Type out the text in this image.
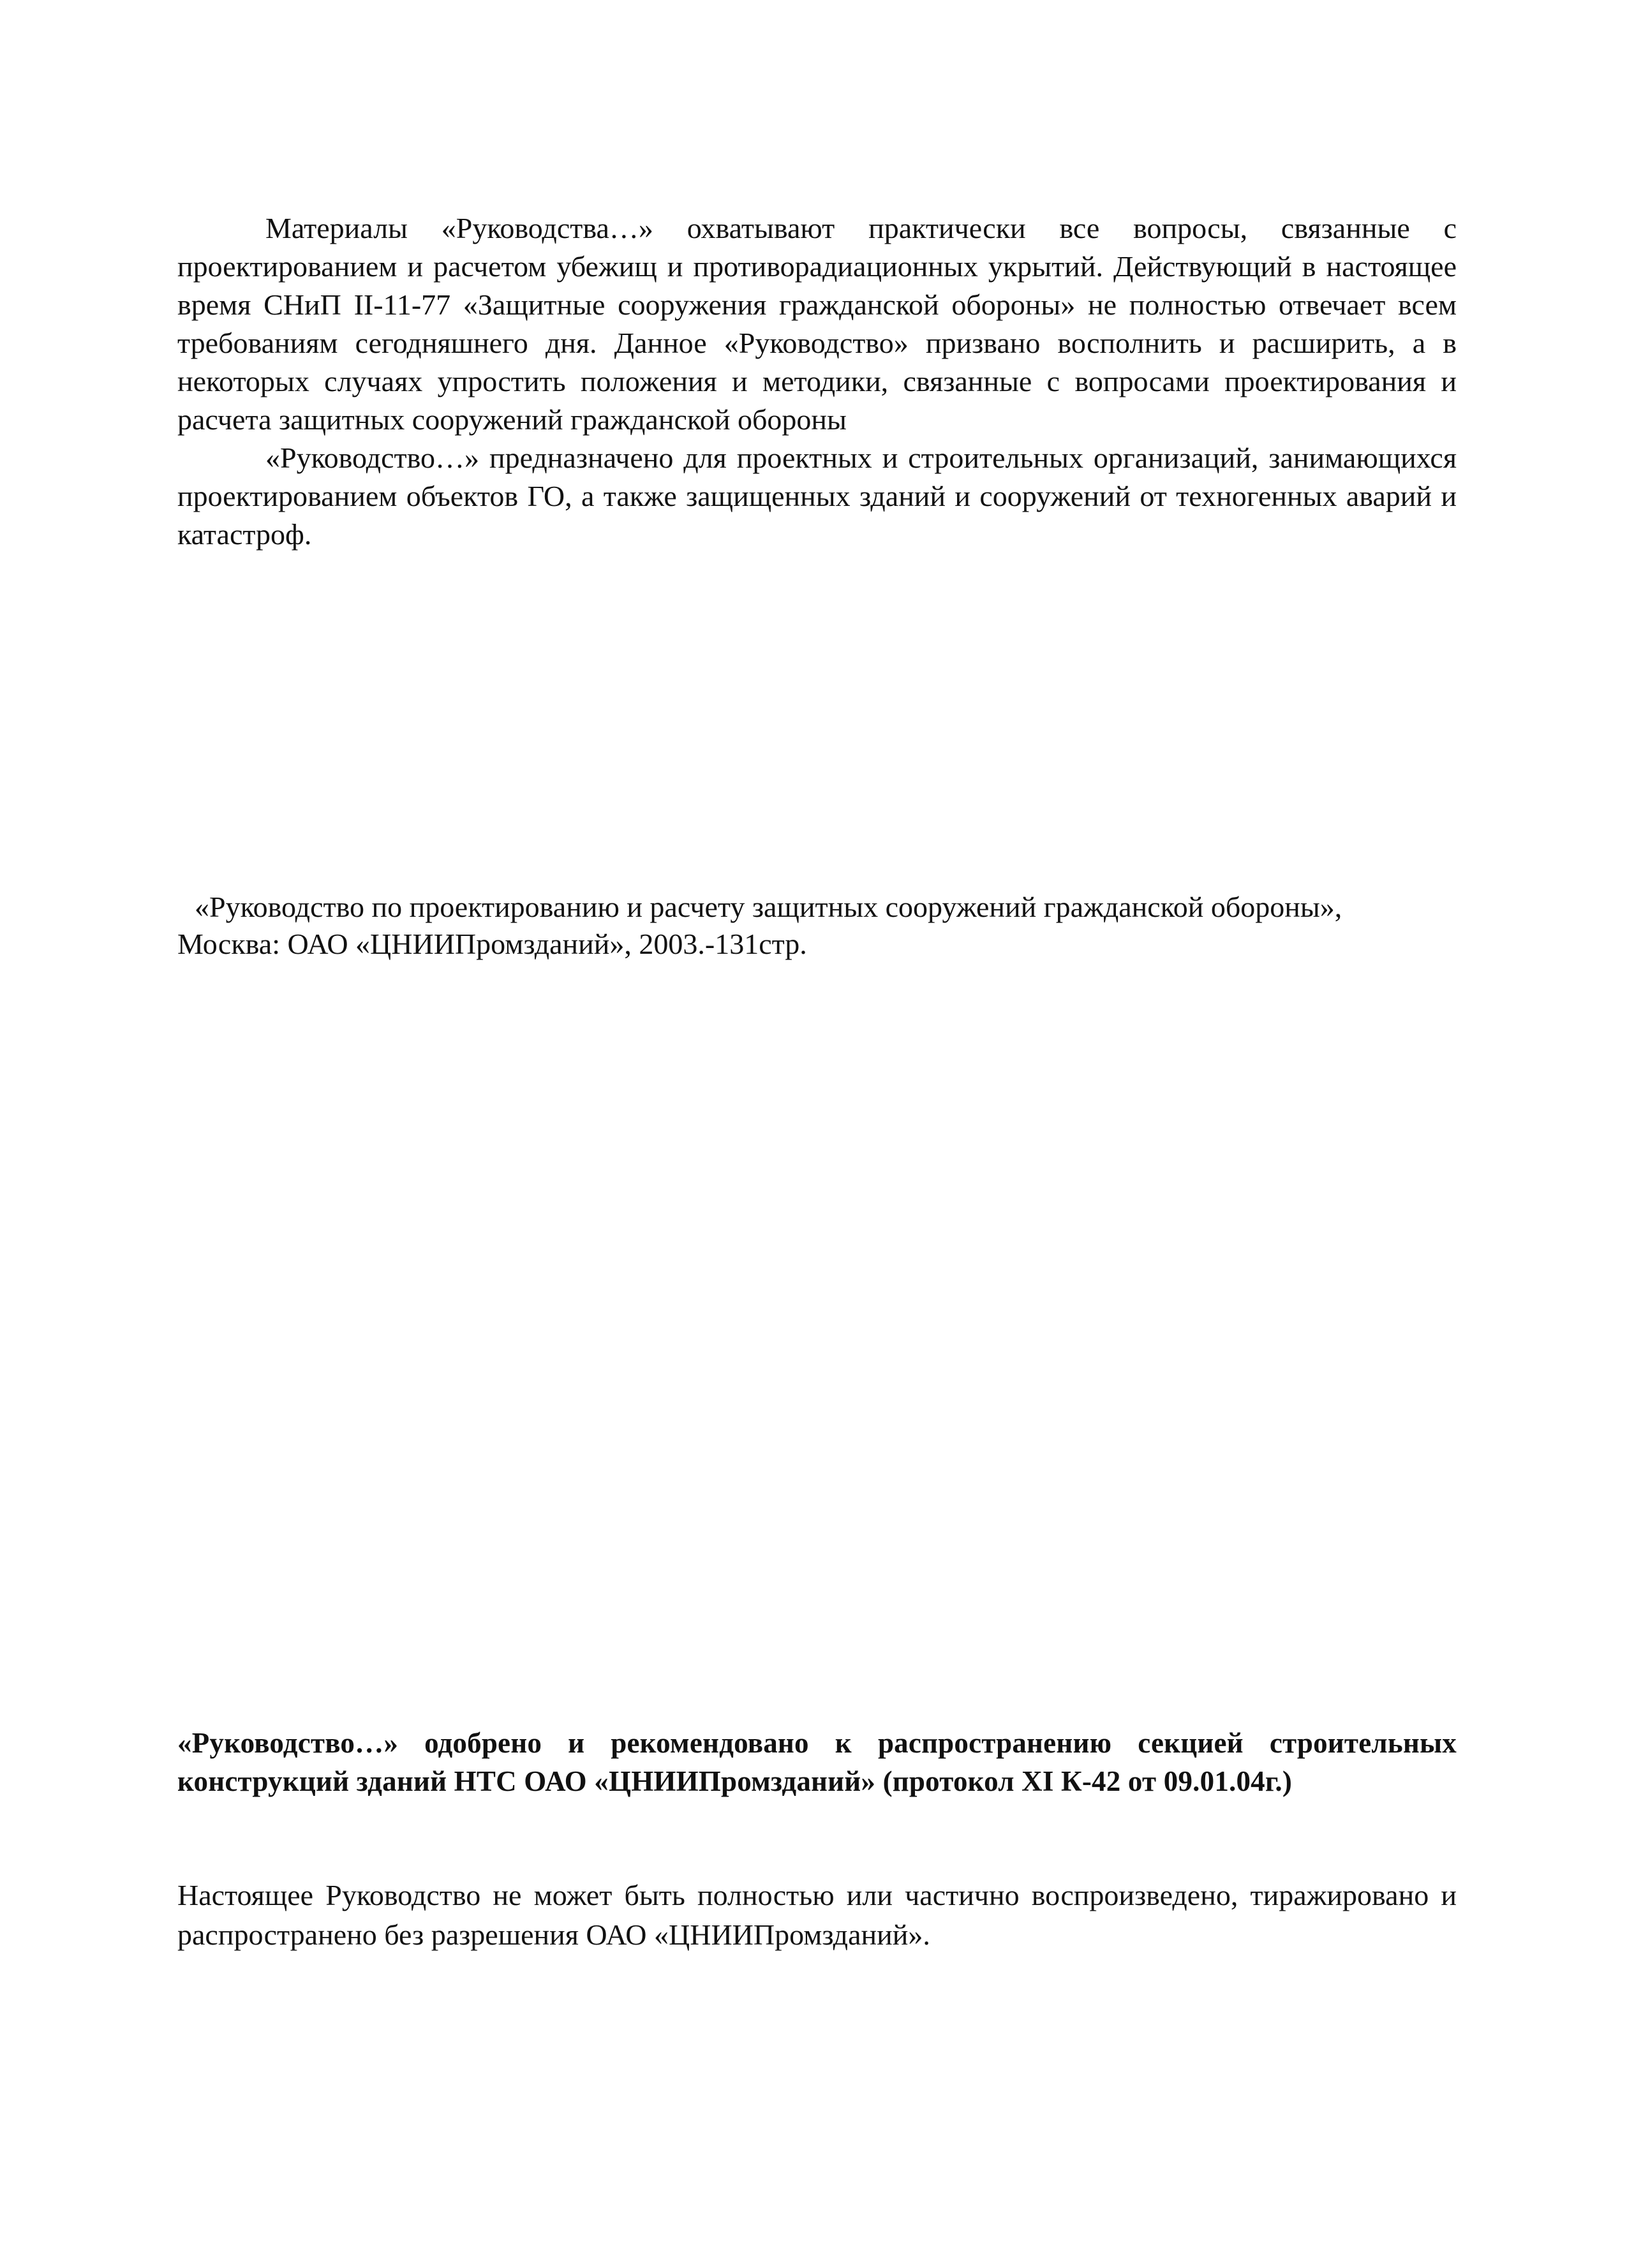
Материалы «Руководства…» охватывают практически все вопросы, связанные с проектированием и расчетом убежищ и противорадиационных укрытий. Действующий в настоящее время СНиП II-11-77 «Защитные сооружения гражданской обороны» не полностью отвечает всем требованиям сегодняшнего дня. Данное «Руководство» призвано восполнить и расширить, а в некоторых случаях упростить положения и методики, связанные с вопросами проектирования и расчета защитных сооружений гражданской обороны

«Руководство…» предназначено для проектных и строительных организаций, занимающихся проектированием объектов ГО, а также защищенных зданий и сооружений от техногенных аварий и катастроф.

«Руководство по проектированию и расчету защитных сооружений гражданской обороны»,
Москва: ОАО «ЦНИИПромзданий», 2003.-131стр.

«Руководство…» одобрено и рекомендовано к распространению секцией строительных конструкций зданий НТС ОАО «ЦНИИПромзданий» (протокол XI К-42 от 09.01.04г.)

Настоящее Руководство не может быть полностью или частично воспроизведено, тиражировано и распространено без разрешения ОАО «ЦНИИПромзданий».
